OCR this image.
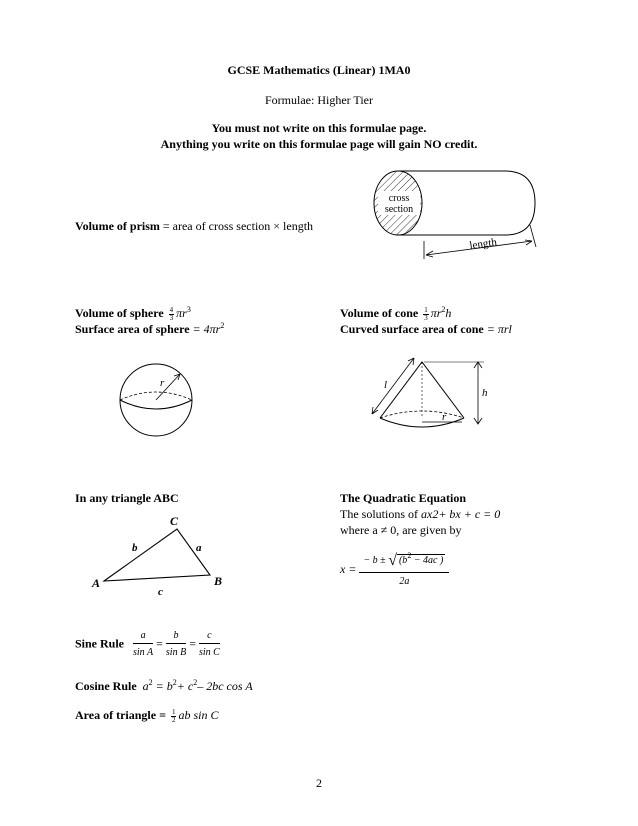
GCSE Mathematics (Linear) 1MA0
Formulae: Higher Tier
You must not write on this formulae page.
Anything you write on this formulae page will gain NO credit.
Volume of prism = area of cross section × length
cross
section
length
Volume of sphere $\frac{4}{3} \pi r^3$
Surface area of sphere = $4\pi r^2$
Volume of cone $\frac{1}{3} \pi r^2h$
Curved surface area of cone = πrl
r	l
h
r
In any triangle ABC
C
A	B
b	a
c
The Quadratic Equation
The solutions of ax2+ bx + c = 0
where a ≠ 0, are given by
$x = \frac{- b \pm √ (b^2 - 4ac )}{2a}$
Sine Rule $\frac{a}{\text{sin A}} = \frac{b}{\text{sin B}} = \frac{c}{\text{sin C}}$
Cosine Rule $a^2 = b^2+ c^2-$ 2bc cos A
Area of triangle = $\frac{1}{2}$ ab sin C
2
